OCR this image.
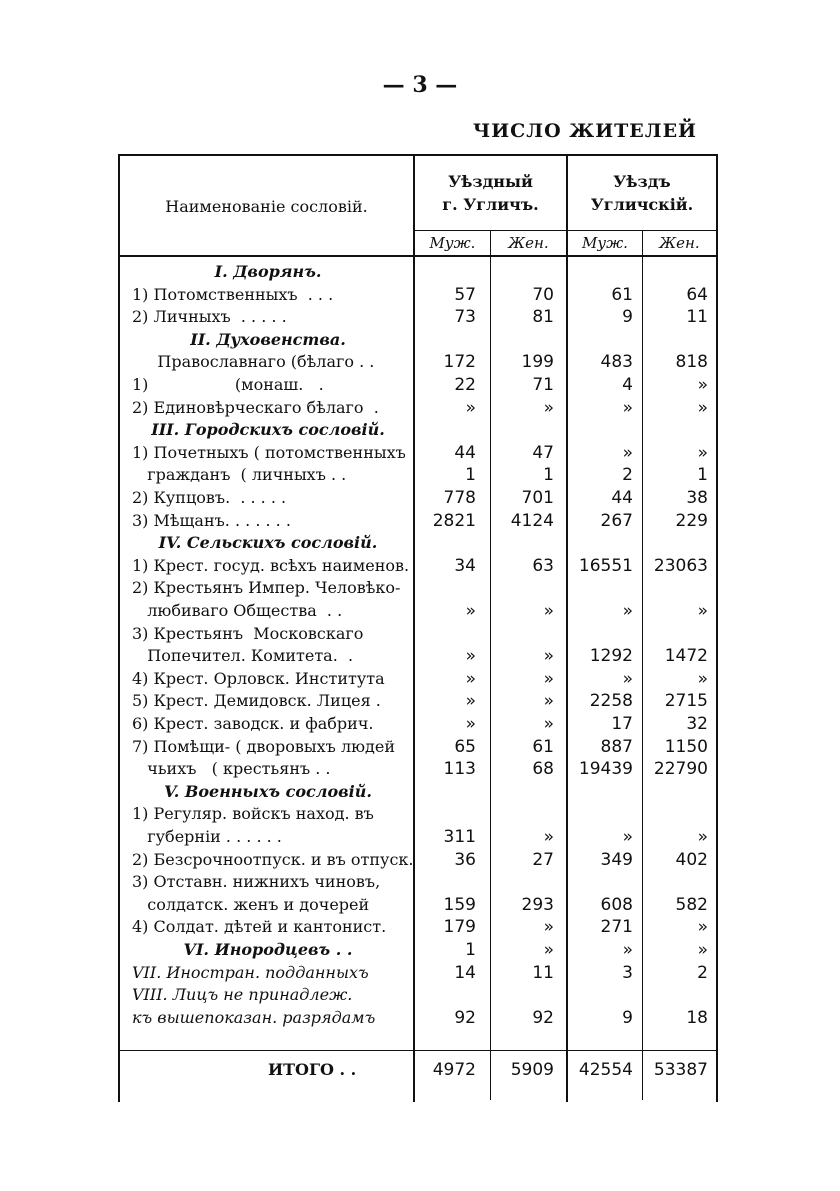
— 3 —
ЧИСЛО ЖИТЕЛЕЙ
Наименованіе сословій.
Уѣздный
г. Угличъ.
Уѣздъ
Угличскій.
Муж.	Жен.	Муж.	Жен.
I. Дворянъ.
1) Потомственныхъ  . . .	57	70	61	64
2) Личныхъ  . . . . .	73	81	9	11
II. Духовенства.
Православнаго (бѣлаго . .	172	199	483	818
1)                 (монаш.   .	22	71	4	»
2) Единовѣрческаго бѣлаго  .	»	»	»	»
III. Городскихъ сословій.
1) Почетныхъ ( потомственныхъ	44	47	»	»
гражданъ  ( личныхъ . .	1	1	2	1
2) Купцовъ.  . . . . .	778	701	44	38
3) Мѣщанъ. . . . . . .	2821	4124	267	229
IV. Сельскихъ сословій.
1) Крест. госуд. всѣхъ наименов.	34	63	16551	23063
2) Крестьянъ Импер. Человѣко-
любиваго Общества  . .	»	»	»	»
3) Крестьянъ  Московскаго
Попечител. Комитета.  .	»	»	1292	1472
4) Крест. Орловск. Института	»	»	»	»
5) Крест. Демидовск. Лицея .	»	»	2258	2715
6) Крест. заводск. и фабрич.	»	»	17	32
7) Помѣщи- ( дворовыхъ людей	65	61	887	1150
чьихъ   ( крестьянъ . .	113	68	19439	22790
V. Военныхъ сословій.
1) Регуляр. войскъ наход. въ
губерніи . . . . . .	311	»	»	»
2) Безсрочноотпуск. и въ отпуск.	36	27	349	402
3) Отставн. нижнихъ чиновъ,
солдатск. женъ и дочерей	159	293	608	582
4) Солдат. дѣтей и кантонист.	179	»	271	»
VI. Инородцевъ . .	1	»	»	»
VII. Иностран. подданныхъ	14	11	3	2
VIII. Лицъ не принадлеж.
къ вышепоказан. разрядамъ	92	92	9	18
ИТОГО . .	4972	5909	42554	53387
